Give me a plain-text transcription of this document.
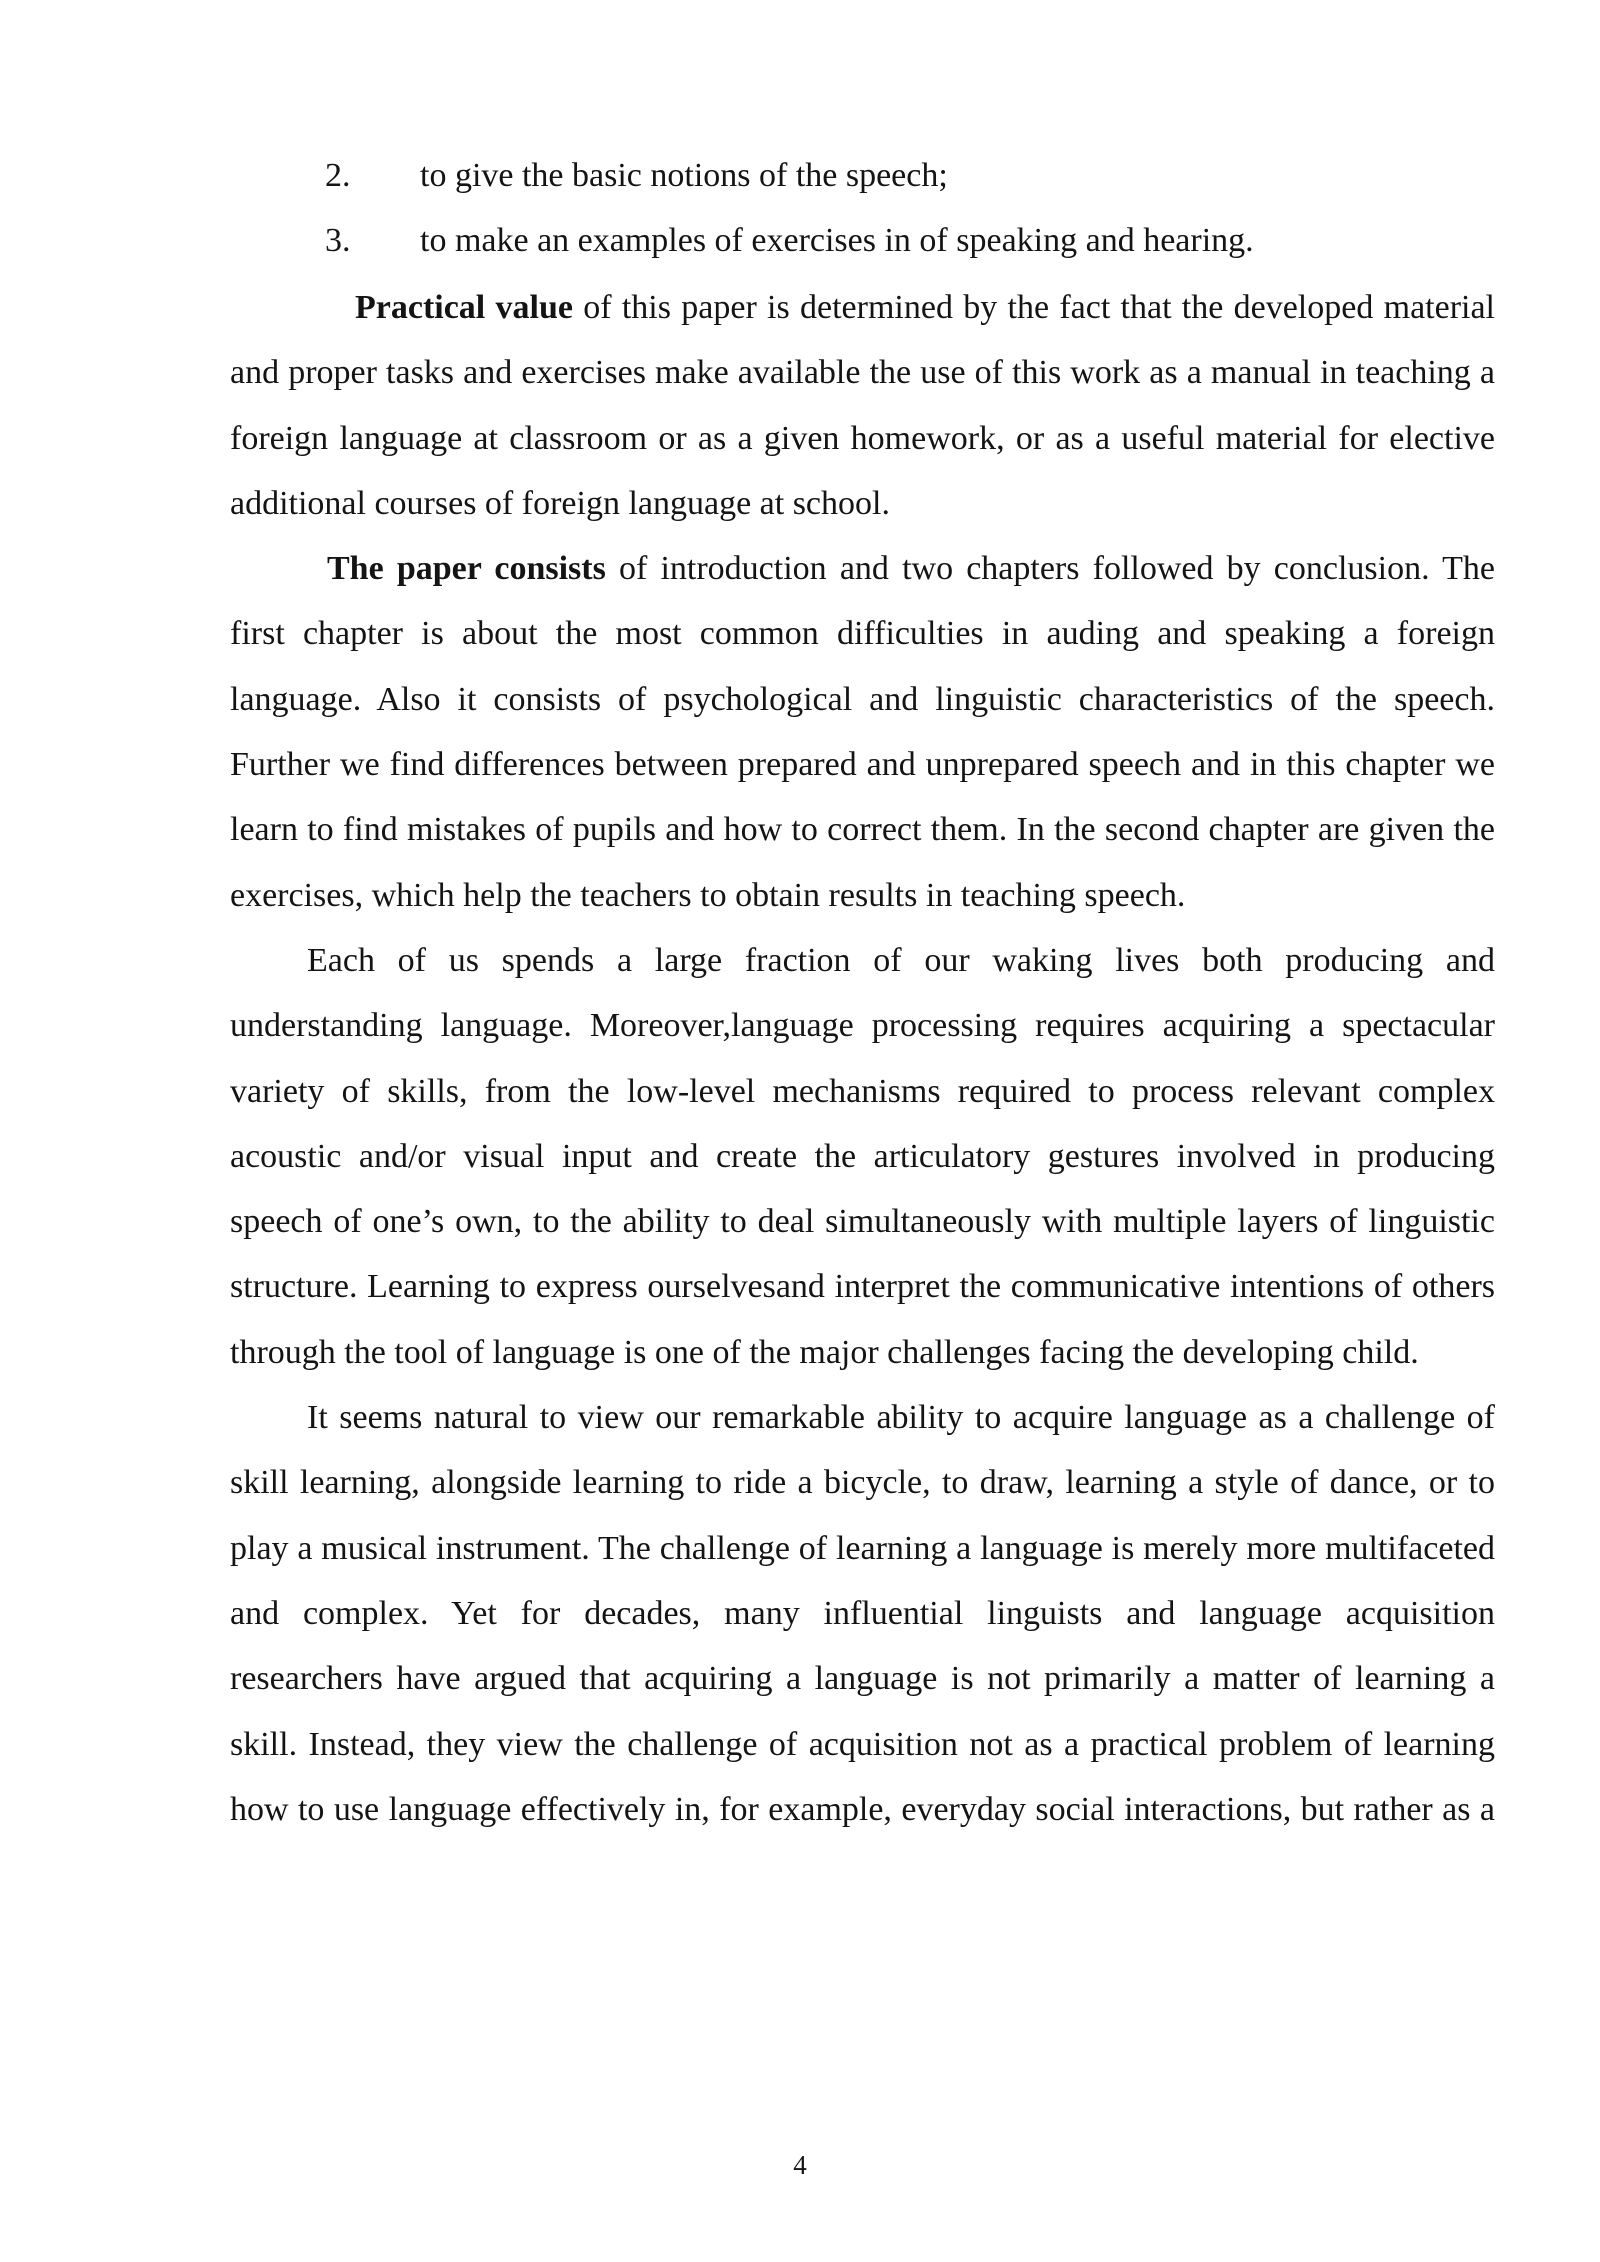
2. to give the basic notions of the speech;
3. to make an examples of exercises in of speaking and hearing.

Practical value of this paper is determined by the fact that the developed material and proper tasks and exercises make available the use of this work as a manual in teaching a foreign language at classroom or as a given homework, or as a useful material for elective additional courses of foreign language at school.

The paper consists of introduction and two chapters followed by conclusion. The first chapter is about the most common difficulties in auding and speaking a foreign language. Also it consists of psychological and linguistic characteristics of the speech. Further we find differences between prepared and unprepared speech and in this chapter we learn to find mistakes of pupils and how to correct them. In the second chapter are given the exercises, which help the teachers to obtain results in teaching speech.

Each of us spends a large fraction of our waking lives both producing and understanding language. Moreover,language processing requires acquiring a spectacular variety of skills, from the low-level mechanisms required to process relevant complex acoustic and/or visual input and create the articulatory gestures involved in producing speech of one’s own, to the ability to deal simultaneously with multiple layers of linguistic structure. Learning to express ourselvesand interpret the communicative intentions of others through the tool of language is one of the major challenges facing the developing child.

It seems natural to view our remarkable ability to acquire language as a challenge of skill learning, alongside learning to ride a bicycle, to draw, learning a style of dance, or to play a musical instrument. The challenge of learning a language is merely more multifaceted and complex. Yet for decades, many influential linguists and language acquisition researchers have argued that acquiring a language is not primarily a matter of learning a skill. Instead, they view the challenge of acquisition not as a practical problem of learning how to use language effectively in, for example, everyday social interactions, but rather as a

4
